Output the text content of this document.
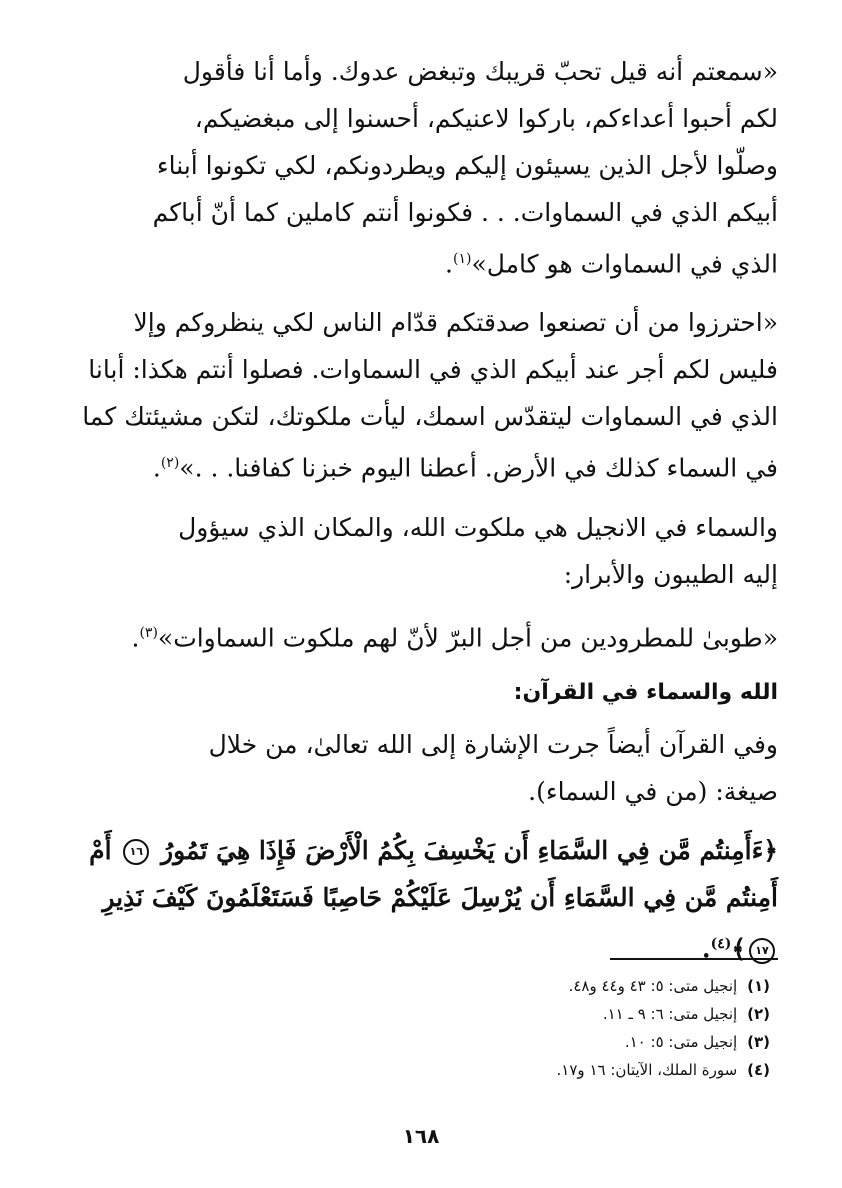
«سمعتم أنه قيل تحبّ قريبك وتبغض عدوك. وأما أنا فأقول
لكم أحبوا أعداءكم، باركوا لاعنيكم، أحسنوا إلى مبغضيكم،
وصلّوا لأجل الذين يسيئون إليكم ويطردونكم، لكي تكونوا أبناء
أبيكم الذي في السماوات. . . فكونوا أنتم كاملين كما أنّ أباكم
الذي في السماوات هو كامل»$^{(١)}$.

«احترزوا من أن تصنعوا صدقتكم قدّام الناس لكي ينظروكم وإلا
فليس لكم أجر عند أبيكم الذي في السماوات. فصلوا أنتم هكذا: أبانا
الذي في السماوات ليتقدّس اسمك، ليأت ملكوتك، لتكن مشيئتك كما
في السماء كذلك في الأرض. أعطنا اليوم خبزنا كفافنا. . .»$^{(٢)}$.

والسماء في الانجيل هي ملكوت الله، والمكان الذي سيؤول
إليه الطيبون والأبرار:

«طوبىٰ للمطرودين من أجل البرّ لأنّ لهم ملكوت السماوات»$^{(٣)}$.

الله والسماء في القرآن:

وفي القرآن أيضاً جرت الإشارة إلى الله تعالىٰ، من خلال
صيغة: (من في السماء).

﴿ءَأَمِنتُم مَّن فِي السَّمَاءِ أَن يَخْسِفَ بِكُمُ الْأَرْضَ فَإِذَا هِيَ تَمُورُ ١٦ أَمْ أَمِنتُم مَّن فِي السَّمَاءِ أَن يُرْسِلَ عَلَيْكُمْ حَاصِبًا فَسَتَعْلَمُونَ كَيْفَ نَذِيرِ ١٧﴾$^{(٤)}$.

(١) إنجيل متى: ٥: ٤٣ و٤٤ و٤٨.
(٢) إنجيل متى: ٦: ٩ ـ ١١.
(٣) إنجيل متى: ٥: ١٠.
(٤) سورة الملك، الآيتان: ١٦ و١٧.
١٦٨
